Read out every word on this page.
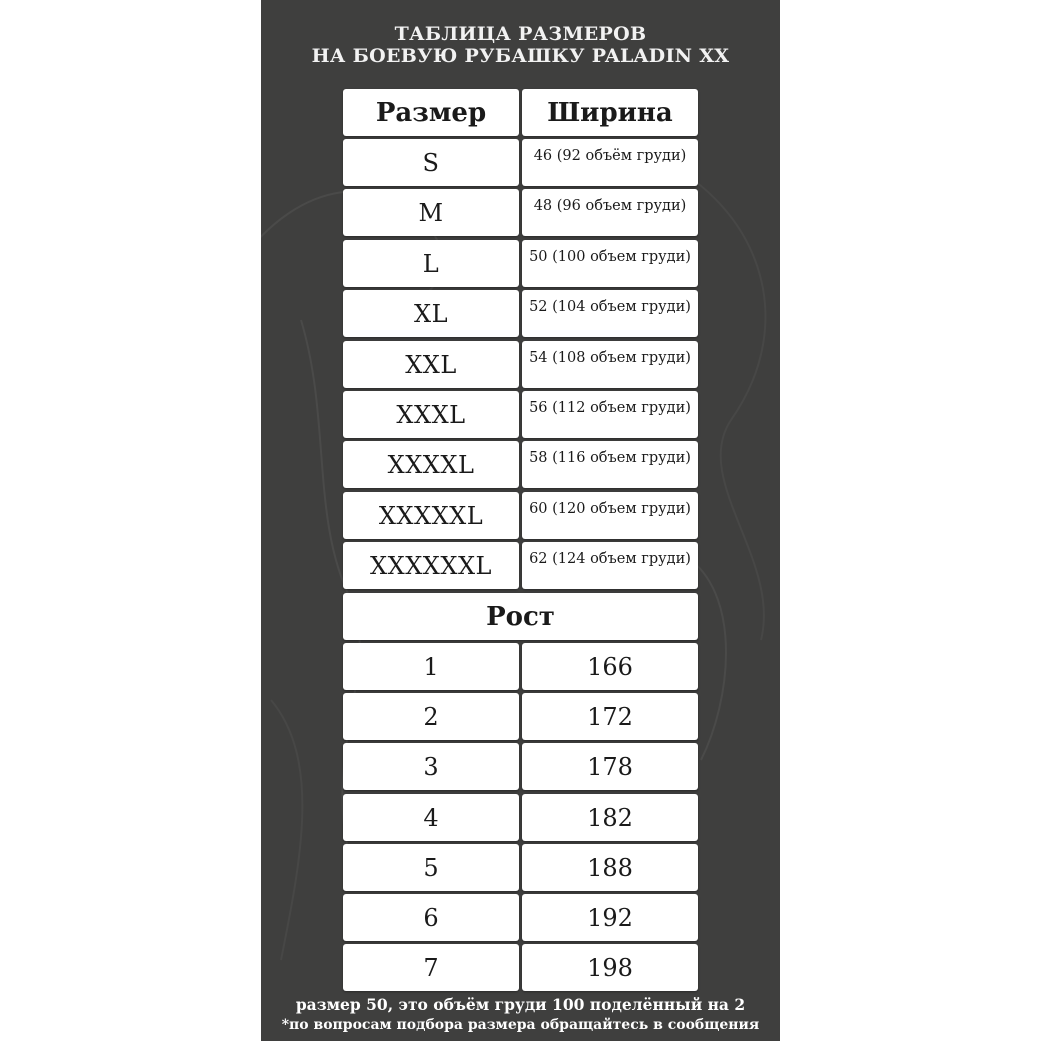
ТАБЛИЦА РАЗМЕРОВ
НА БОЕВУЮ РУБАШКУ PALADIN XX
Размер	Ширина
S	46 (92 объём груди)
M	48 (96 объем груди)
L	50 (100 объем груди)
XL	52 (104 объем груди)
XXL	54 (108 объем груди)
XXXL	56 (112 объем груди)
XXXXL	58 (116 объем груди)
XXXXXL	60 (120 объем груди)
XXXXXXL	62 (124 объем груди)
Рост
1	166
2	172
3	178
4	182
5	188
6	192
7	198
размер 50, это объём груди 100 поделённый на 2
*по вопросам подбора размера обращайтесь в сообщения
